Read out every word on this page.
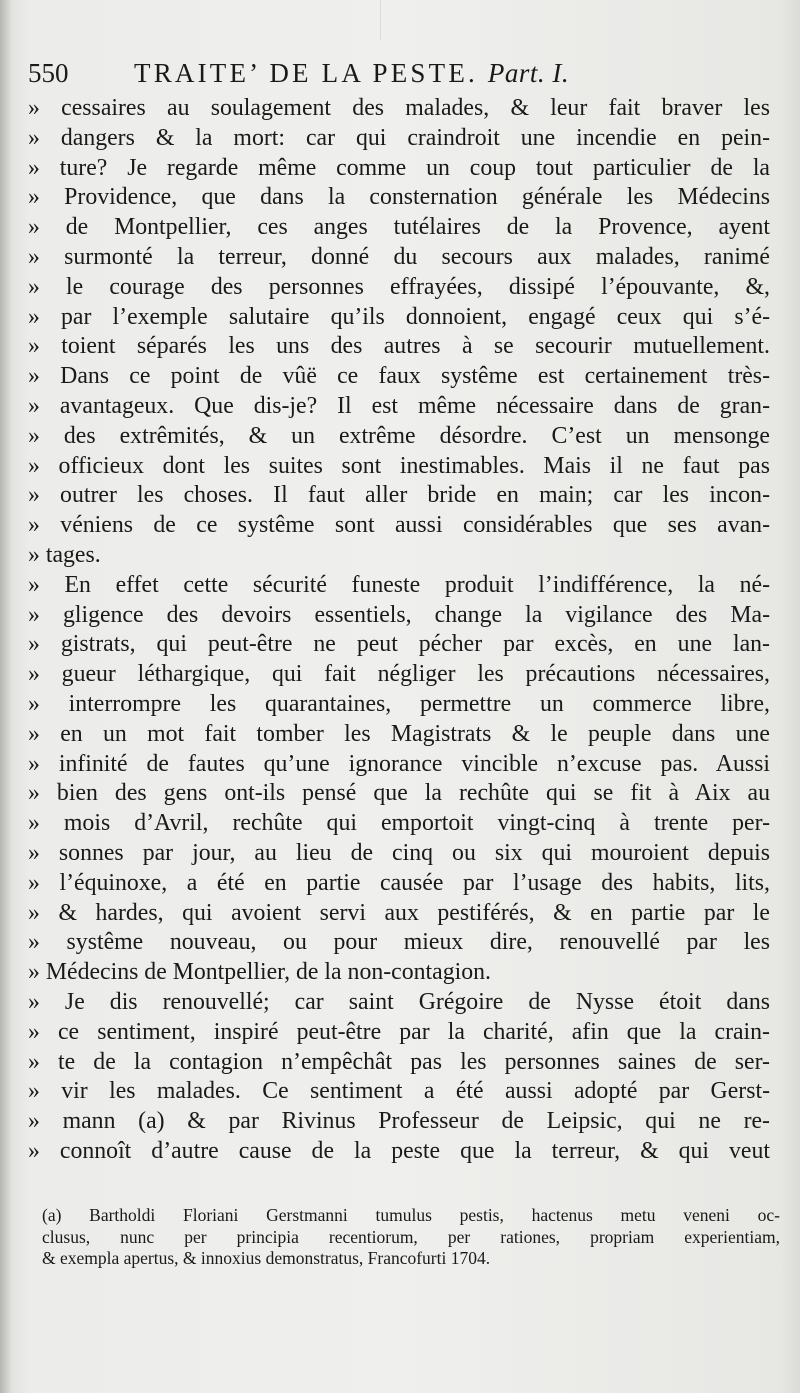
550 TRAITE’ DE LA PESTE. Part. I.
» cessaires au soulagement des malades, & leur fait braver les
» dangers & la mort: car qui craindroit une incendie en pein-
» ture? Je regarde même comme un coup tout particulier de la
» Providence, que dans la consternation générale les Médecins
» de Montpellier, ces anges tutélaires de la Provence, ayent
» surmonté la terreur, donné du secours aux malades, ranimé
» le courage des personnes effrayées, dissipé l’épouvante, &,
» par l’exemple salutaire qu’ils donnoient, engagé ceux qui s’é-
» toient séparés les uns des autres à se secourir mutuellement.
» Dans ce point de vûë ce faux systême est certainement très-
» avantageux. Que dis-je? Il est même nécessaire dans de gran-
» des extrêmités, & un extrême désordre. C’est un mensonge
» officieux dont les suites sont inestimables. Mais il ne faut pas
» outrer les choses. Il faut aller bride en main; car les incon-
» véniens de ce systême sont aussi considérables que ses avan-
» tages.
» En effet cette sécurité funeste produit l’indifférence, la né-
» gligence des devoirs essentiels, change la vigilance des Ma-
» gistrats, qui peut-être ne peut pécher par excès, en une lan-
» gueur léthargique, qui fait négliger les précautions nécessaires,
» interrompre les quarantaines, permettre un commerce libre,
» en un mot fait tomber les Magistrats & le peuple dans une
» infinité de fautes qu’une ignorance vincible n’excuse pas. Aussi
» bien des gens ont-ils pensé que la rechûte qui se fit à Aix au
» mois d’Avril, rechûte qui emportoit vingt-cinq à trente per-
» sonnes par jour, au lieu de cinq ou six qui mouroient depuis
» l’équinoxe, a été en partie causée par l’usage des habits, lits,
» & hardes, qui avoient servi aux pestiférés, & en partie par le
» systême nouveau, ou pour mieux dire, renouvellé par les
» Médecins de Montpellier, de la non-contagion.
» Je dis renouvellé; car saint Grégoire de Nysse étoit dans
» ce sentiment, inspiré peut-être par la charité, afin que la crain-
» te de la contagion n’empêchât pas les personnes saines de ser-
» vir les malades. Ce sentiment a été aussi adopté par Gerst-
» mann (a) & par Rivinus Professeur de Leipsic, qui ne re-
» connoît d’autre cause de la peste que la terreur, & qui veut
(a) Bartholdi Floriani Gerstmanni tumulus pestis, hactenus metu veneni oc-
clusus, nunc per principia recentiorum, per rationes, propriam experientiam,
& exempla apertus, & innoxius demonstratus, Francofurti 1704.
